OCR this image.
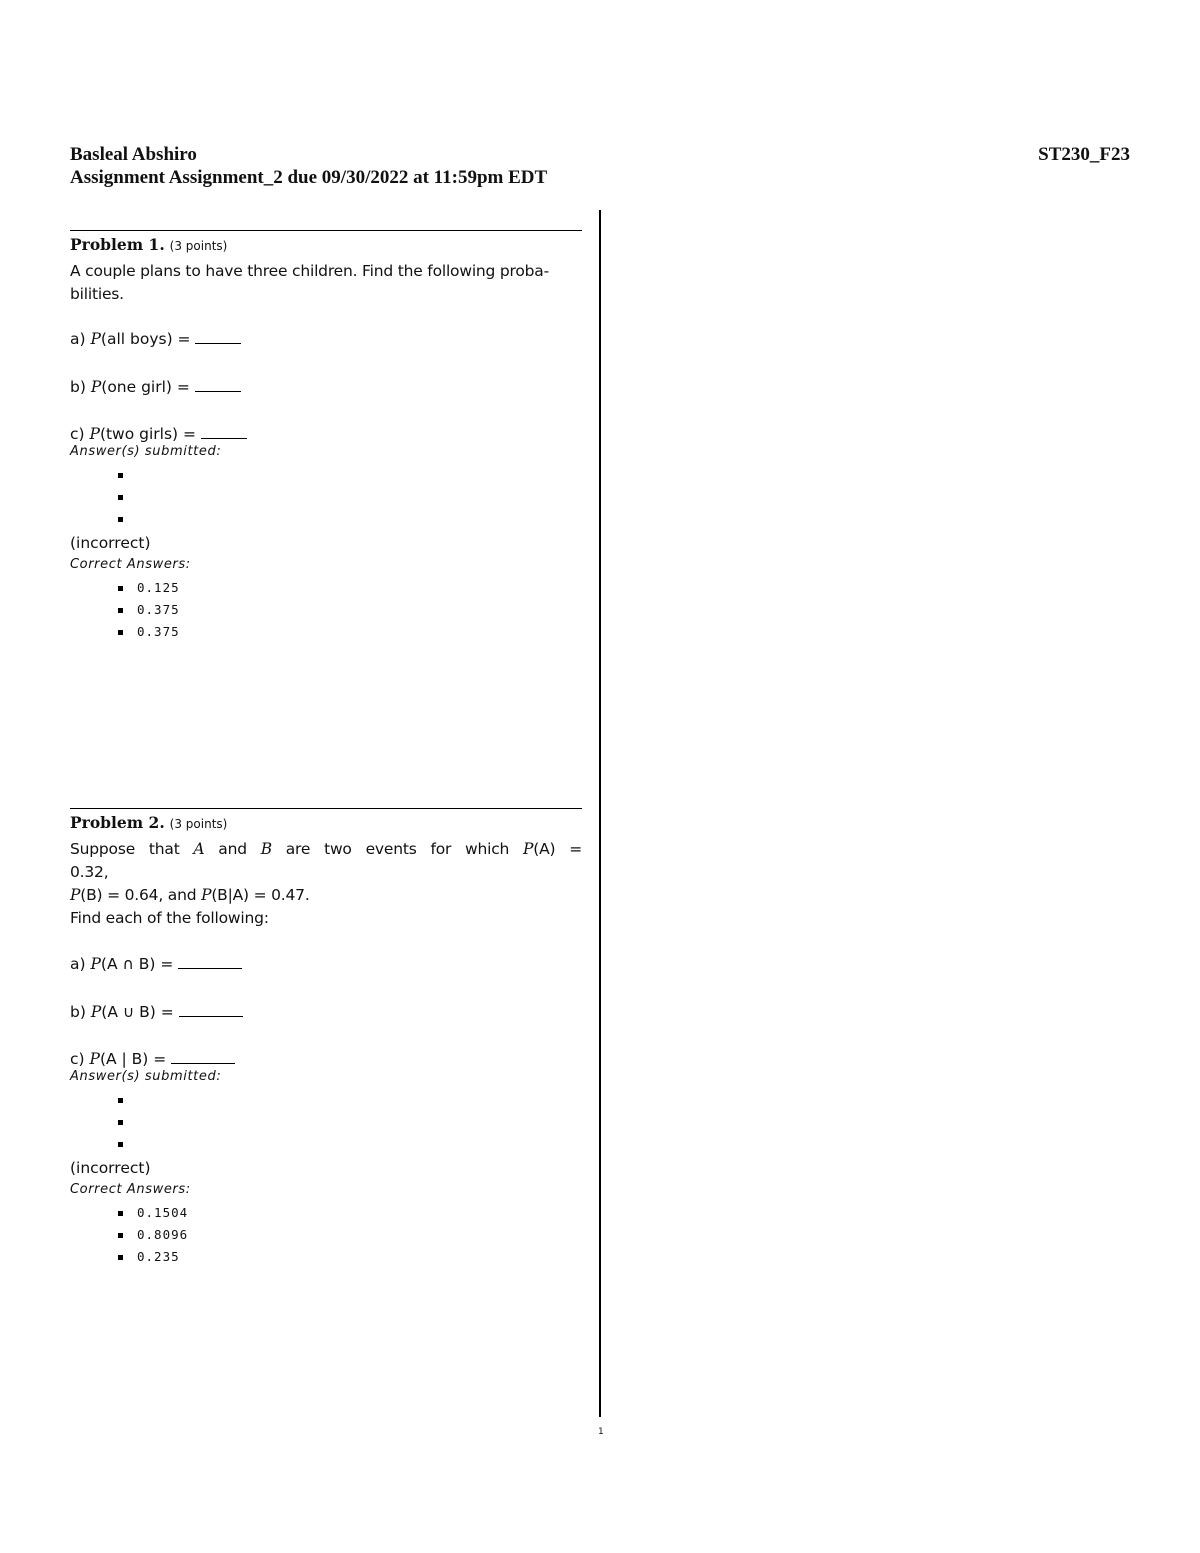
Basleal Abshiro
Assignment Assignment_2 due 09/30/2022 at 11:59pm EDT
ST230_F23
1
Problem 1. (3 points)
A couple plans to have three children. Find the following proba-
bilities.
a) P(all boys) =
b) P(one girl) =
c) P(two girls) =
Answer(s) submitted:
(incorrect)
Correct Answers:
0.125
0.375
0.375
Problem 2. (3 points)
Suppose that A and B are two events for which P(A) = 0.32,
P(B) = 0.64, and P(B|A) = 0.47.
Find each of the following:
a) P(A ∩ B) =
b) P(A ∪ B) =
c) P(A | B) =
Answer(s) submitted:
(incorrect)
Correct Answers:
0.1504
0.8096
0.235
